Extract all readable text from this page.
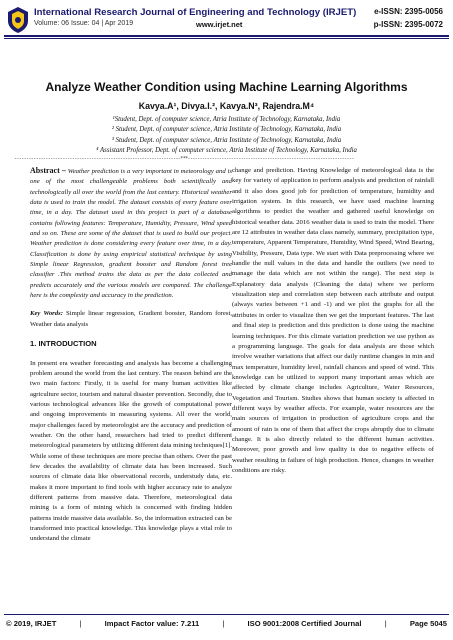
International Research Journal of Engineering and Technology (IRJET)
Volume: 06 Issue: 04 | Apr 2019	www.irjet.net
e-ISSN: 2395-0056
p-ISSN: 2395-0072
Analyze Weather Condition using Machine Learning Algorithms
Kavya.A¹, Divya.I.², Kavya.N³, Rajendra.M⁴
¹Student, Dept. of computer science, Atria Institute of Technology, Karnataka, India
² Student, Dept. of computer science, Atria Institute of Technology, Karnataka, India
³ Student, Dept. of computer science, Atria Institute of Technology, Karnataka, India
⁴ Assistant Professor, Dept. of computer science, Atria Institute of Technology, Karnataka, India
---------------------------------------------------------------------***---------------------------------------------------------------------

Abstract – Weather prediction is a very important in meteorology and is one of the most challengeable problems both scientifically and technologically all over the world from the last century. Historical weather data is used to train the model. The dataset consists of every feature over time, in a day. The dataset used in this project is part of a database contains following features: Temperature, Humidity, Pressure, Wind speed and so on. These are some of the dataset that is used to build our project. Weather prediction is done considering every feature over time, in a day. Classification is done by using empirical statistical technique by using Simple linear Regression, gradient booster and Random forest tree classifier .This method trains the data as per the data collected and predicts accurately and the various models are compared. The challenge here is the complexity and accuracy in the prediction.

Key Words: Simple linear regression, Gradient booster, Random forest, Weather data analysis

1. INTRODUCTION

In present era weather forecasting and analysis has become a challenging problem around the world from the last century. The reason behind are the two main factors: Firstly, it is useful for many human activities like agriculture sector, tourism and natural disaster prevention. Secondly, due to various technological advances like the growth of computational power and ongoing improvements in measuring systems. All over the world, major challenges faced by meteorologist are the accuracy and prediction of weather. On the other hand, researchers had tried to predict different meteorological parameters by utilizing different data mining techniques[1]. While some of these techniques are more precise than others. Over the past few decades the availability of climate data has been increased. Such sources of climate data like observational records, understudy data, etc. makes it more important to find tools with higher accuracy rate to analyze different patterns from massive data. Therefore, meteorological data mining is a form of mining which is concerned with finding hidden patterns inside massive data available. So, the information extracted can be transformed into practical knowledge. This knowledge plays a vital role to understand the climate

change and prediction. Having Knowledge of meteorological data is the key for variety of application to perform analysis and prediction of rainfall and it also does good job for prediction of temperature, humidity and irrigation system. In this research, we have used machine learning algorithms to predict the weather and gathered useful knowledge on historical weather data. 2016 weather data is used to train the model. There are 12 attributes in weather data class namely, summary, precipitation type, temperature, Apparent Temperature, Humidity, Wind Speed, Wind Bearing, Visibility, Pressure, Data type. We start with Data preprocessing where we handle the null values in the data and handle the outliers (we need to manage the data which are not within the range). The next step is Explanatory data analysis (Cleaning the data) where we perform visualization step and correlation step between each attribute and output (always varies between +1 and -1) and we plot the graphs for all the attributes in order to visualize then we get the important features. The last and final step is prediction and this prediction is done using the machine learning techniques. For this climate variation prediction we use python as a programming language. The goals for data analysis are those which involve weather variations that affect our daily runtime changes in min and max temperature, humidity level, rainfall chances and speed of wind. This knowledge can be utilized to support many important areas which are affected by climate change includes Agriculture, Water Resources, Vegetation and Tourism. Studies shows that human society is affected in different ways by weather affects. For example, water resources are the main sources of irrigation in production of agriculture crops and the amount of rain is one of them that affect the crops abruptly due to climate change. It is also directly related to the different human activities. Moreover, poor growth and low quality is due to negative effects of weather resulting in failure of high production. Hence, changes in weather conditions are risky.

© 2019, IRJET	|	Impact Factor value: 7.211	|	ISO 9001:2008 Certified Journal	|	Page 5045
